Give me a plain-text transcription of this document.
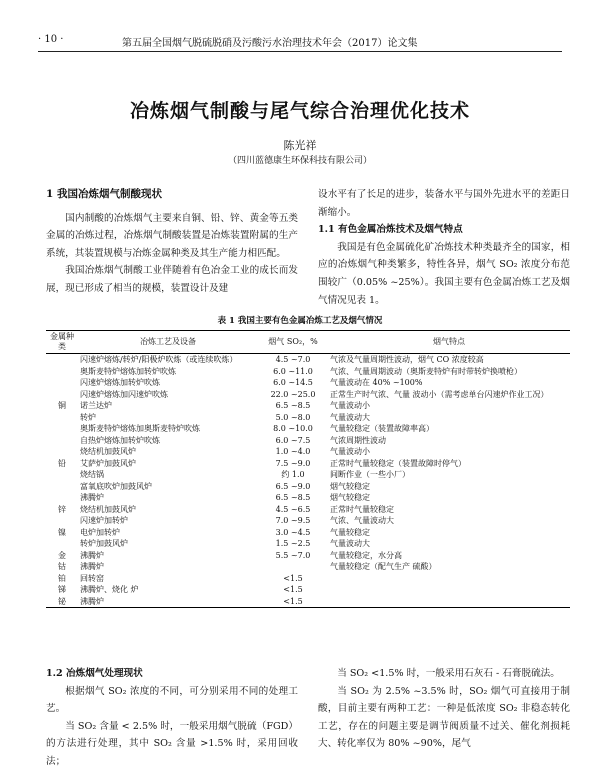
· 10 ·	第五届全国烟气脱硫脱硝及污酸污水治理技术年会（2017）论文集
冶炼烟气制酸与尾气综合治理优化技术
陈光祥
（四川蓝德康生环保科技有限公司）

1 我国冶炼烟气制酸现状

国内制酸的冶炼烟气主要来自铜、铅、锌、黄金等五类金属的冶炼过程，冶炼烟气制酸装置是冶炼装置附属的生产系统，其装置规模与冶炼金属种类及其生产能力相匹配。

我国冶炼烟气制酸工业伴随着有色冶金工业的成长而发展，现已形成了相当的规模，装置设计及建

设水平有了长足的进步，装备水平与国外先进水平的差距日渐缩小。

1.1 有色金属冶炼技术及烟气特点

我国是有色金属硫化矿冶炼技术种类最齐全的国家，相应的冶炼烟气种类繁多，特性各异，烟气 SO₂ 浓度分布范围较广（0.05% ~25%）。我国主要有色金属冶炼工艺及烟气情况见表 1。

表 1 我国主要有色金属冶炼工艺及烟气情况
金属种类	冶炼工艺及设备	烟气 SO₂，%	烟气特点
	闪速炉熔炼/转炉/阳极炉吹炼（或连续吹炼）	4.5 ~7.0	气浓及气量周期性波动，烟气 CO 浓度较高
	奥斯麦特炉熔炼加转炉吹炼	6.0 ~11.0	气浓、气量周期波动（奥斯麦特炉有时带转炉换喷枪）
	闪速炉熔炼加转炉吹炼	6.0 ~14.5	气量波动在 40% ~100%
	闪速炉熔炼加闪速炉吹炼	22.0 ~25.0	正常生产时气浓、气量 波动小（需考虑单台闪速炉作业工况）
铜	诺兰达炉	6.5 ~8.5	气量波动小
	转炉	5.0 ~8.0	气量波动大
	奥斯麦特炉熔炼加奥斯麦特炉吹炼	8.0 ~10.0	气量较稳定（装置故障率高）
	自热炉熔炼加转炉吹炼	6.0 ~7.5	气浓周期性波动
	烧结机加鼓风炉	1.0 ~4.0	气量波动小
铅	艾萨炉加鼓风炉	7.5 ~9.0	正常时气量较稳定（装置故障时停气）
	烧结锅	约 1.0	间断作业（一些小厂）
	富氧底吹炉加鼓风炉	6.5 ~9.0	烟气较稳定
	沸腾炉	6.5 ~8.5	烟气较稳定
锌	烧结机加鼓风炉	4.5 ~6.5	正常时气量较稳定
	闪速炉加转炉	7.0 ~9.5	气浓、气量波动大
镍	电炉加转炉	3.0 ~4.5	气量较稳定
	转炉加鼓风炉	1.5 ~2.5	气量波动大
金	沸腾炉	5.5 ~7.0	气量较稳定，水分高
钴	沸腾炉		气量较稳定（配气生产 硫酸）
铂	回转窑	<1.5	
锑	沸腾炉、烧化 炉	<1.5	
铋	沸腾炉	<1.5	

1.2 冶炼烟气处理现状

根据烟气 SO₂ 浓度的不同，可分别采用不同的处理工艺。

当 SO₂ 含量 < 2.5% 时，一般采用烟气脱硫（FGD）的方法进行处理，其中 SO₂ 含量 >1.5% 时，采用回收法；

当 SO₂ <1.5% 时，一般采用石灰石 - 石膏脱硫法。

当 SO₂ 为 2.5% ~3.5% 时，SO₂ 烟气可直接用于制酸，目前主要有两种工艺：一种是低浓度 SO₂ 非稳态转化工艺，存在的问题主要是调节阀质量不过关、催化剂损耗大、转化率仅为 80% ~90%，尾气
